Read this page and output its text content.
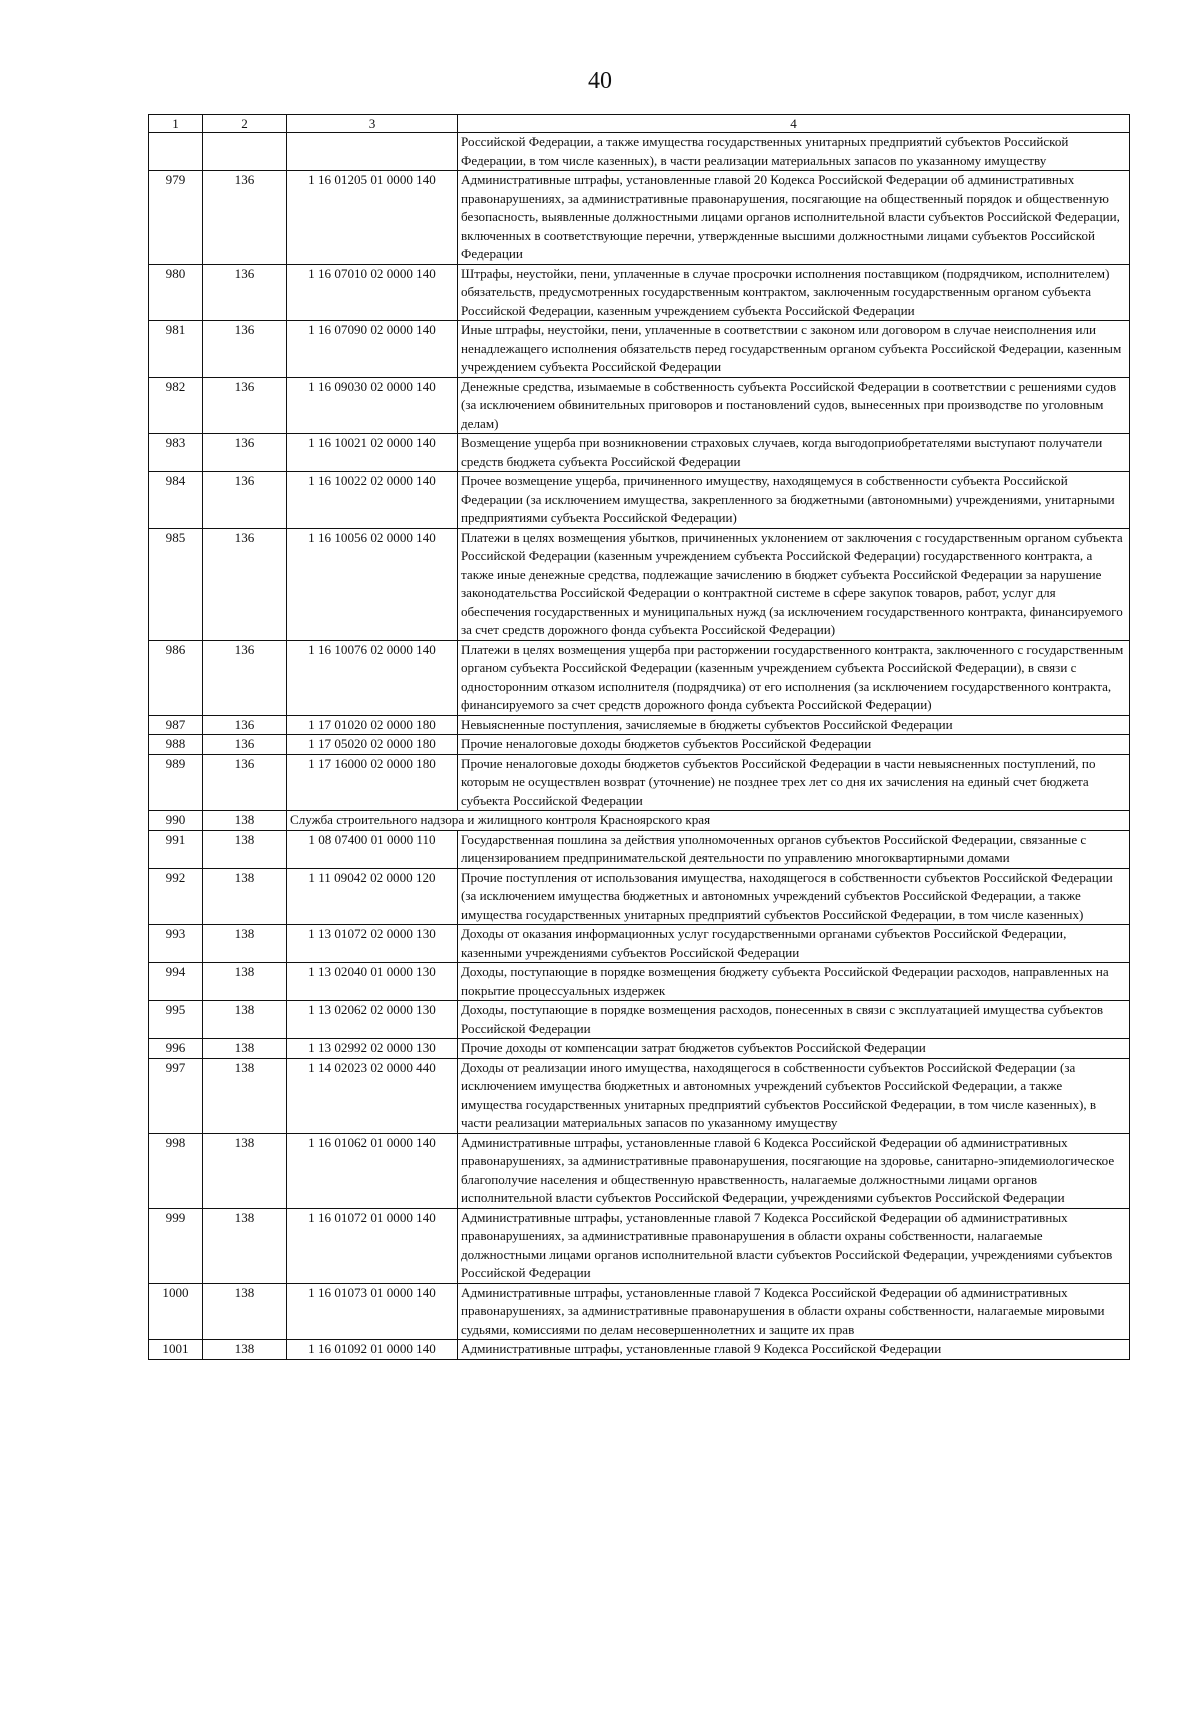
40
1	2	3	4
			Российской Федерации, а также имущества государственных унитарных предприятий субъектов Российской Федерации, в том числе казенных), в части реализации материальных запасов по указанному имуществу
979	136	1 16 01205 01 0000 140	Административные штрафы, установленные главой 20 Кодекса Российской Федерации об административных правонарушениях, за административные правонарушения, посягающие на общественный порядок и общественную безопасность, выявленные должностными лицами органов исполнительной власти субъектов Российской Федерации, включенных в соответствующие перечни, утвержденные высшими должностными лицами субъектов Российской Федерации
980	136	1 16 07010 02 0000 140	Штрафы, неустойки, пени, уплаченные в случае просрочки исполнения поставщиком (подрядчиком, исполнителем) обязательств, предусмотренных государственным контрактом, заключенным государственным органом субъекта Российской Федерации, казенным учреждением субъекта Российской Федерации
981	136	1 16 07090 02 0000 140	Иные штрафы, неустойки, пени, уплаченные в соответствии с законом или договором в случае неисполнения или ненадлежащего исполнения обязательств перед государственным органом субъекта Российской Федерации, казенным учреждением субъекта Российской Федерации
982	136	1 16 09030 02 0000 140	Денежные средства, изымаемые в собственность субъекта Российской Федерации в соответствии с решениями судов (за исключением обвинительных приговоров и постановлений судов, вынесенных при производстве по уголовным делам)
983	136	1 16 10021 02 0000 140	Возмещение ущерба при возникновении страховых случаев, когда выгодоприобретателями выступают получатели средств бюджета субъекта Российской Федерации
984	136	1 16 10022 02 0000 140	Прочее возмещение ущерба, причиненного имуществу, находящемуся в собственности субъекта Российской Федерации (за исключением имущества, закрепленного за бюджетными (автономными) учреждениями, унитарными предприятиями субъекта Российской Федерации)
985	136	1 16 10056 02 0000 140	Платежи в целях возмещения убытков, причиненных уклонением от заключения с государственным органом субъекта Российской Федерации (казенным учреждением субъекта Российской Федерации) государственного контракта, а также иные денежные средства, подлежащие зачислению в бюджет субъекта Российской Федерации за нарушение законодательства Российской Федерации о контрактной системе в сфере закупок товаров, работ, услуг для обеспечения государственных и муниципальных нужд (за исключением государственного контракта, финансируемого за счет средств дорожного фонда субъекта Российской Федерации)
986	136	1 16 10076 02 0000 140	Платежи в целях возмещения ущерба при расторжении государственного контракта, заключенного с государственным органом субъекта Российской Федерации (казенным учреждением субъекта Российской Федерации), в связи с односторонним отказом исполнителя (подрядчика) от его исполнения (за исключением государственного контракта, финансируемого за счет средств дорожного фонда субъекта Российской Федерации)
987	136	1 17 01020 02 0000 180	Невыясненные поступления, зачисляемые в бюджеты субъектов Российской Федерации
988	136	1 17 05020 02 0000 180	Прочие неналоговые доходы бюджетов субъектов Российской Федерации
989	136	1 17 16000 02 0000 180	Прочие неналоговые доходы бюджетов субъектов Российской Федерации в части невыясненных поступлений, по которым не осуществлен возврат (уточнение) не позднее трех лет со дня их зачисления на единый счет бюджета субъекта Российской Федерации
990	138	Служба строительного надзора и жилищного контроля Красноярского края	
991	138	1 08 07400 01 0000 110	Государственная пошлина за действия уполномоченных органов субъектов Российской Федерации, связанные с лицензированием предпринимательской деятельности по управлению многоквартирными домами
992	138	1 11 09042 02 0000 120	Прочие поступления от использования имущества, находящегося в собственности субъектов Российской Федерации (за исключением имущества бюджетных и автономных учреждений субъектов Российской Федерации, а также имущества государственных унитарных предприятий субъектов Российской Федерации, в том числе казенных)
993	138	1 13 01072 02 0000 130	Доходы от оказания информационных услуг государственными органами субъектов Российской Федерации, казенными учреждениями субъектов Российской Федерации
994	138	1 13 02040 01 0000 130	Доходы, поступающие в порядке возмещения бюджету субъекта Российской Федерации расходов, направленных на покрытие процессуальных издержек
995	138	1 13 02062 02 0000 130	Доходы, поступающие в порядке возмещения расходов, понесенных в связи с эксплуатацией имущества субъектов Российской Федерации
996	138	1 13 02992 02 0000 130	Прочие доходы от компенсации затрат бюджетов субъектов Российской Федерации
997	138	1 14 02023 02 0000 440	Доходы от реализации иного имущества, находящегося в собственности субъектов Российской Федерации (за исключением имущества бюджетных и автономных учреждений субъектов Российской Федерации, а также имущества государственных унитарных предприятий субъектов Российской Федерации, в том числе казенных), в части реализации материальных запасов по указанному имуществу
998	138	1 16 01062 01 0000 140	Административные штрафы, установленные главой 6 Кодекса Российской Федерации об административных правонарушениях, за административные правонарушения, посягающие на здоровье, санитарно-эпидемиологическое благополучие населения и общественную нравственность, налагаемые должностными лицами органов исполнительной власти субъектов Российской Федерации, учреждениями субъектов Российской Федерации
999	138	1 16 01072 01 0000 140	Административные штрафы, установленные главой 7 Кодекса Российской Федерации об административных правонарушениях, за административные правонарушения в области охраны собственности, налагаемые должностными лицами органов исполнительной власти субъектов Российской Федерации, учреждениями субъектов Российской Федерации
1000	138	1 16 01073 01 0000 140	Административные штрафы, установленные главой 7 Кодекса Российской Федерации об административных правонарушениях, за административные правонарушения в области охраны собственности, налагаемые мировыми судьями, комиссиями по делам несовершеннолетних и защите их прав
1001	138	1 16 01092 01 0000 140	Административные штрафы, установленные главой 9 Кодекса Российской Федерации
